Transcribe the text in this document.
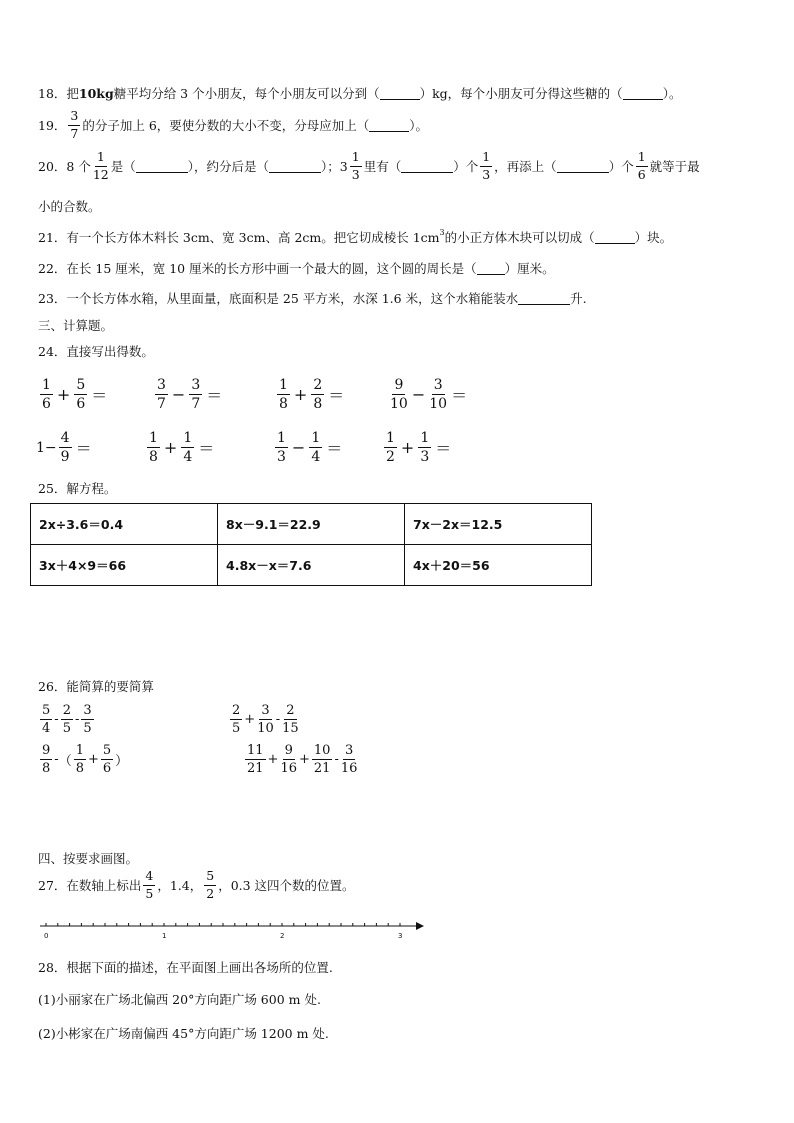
18．把 10kg 糖平均分给 3 个小朋友，每个小朋友可以分到（	）kg，每个小朋友可分得这些糖的（	）。
19． $\frac{3}{7}$ 的分子加上 6，要使分数的大小不变，分母应加上（	）。
20．8 个 $\frac{1}{12}$ 是（	），约分后是（	）；$3 \frac{1}{3}$ 里有（	）个 $\frac{1}{3}$ ，再添上（	）个 $\frac{1}{6}$ 就等于最
小的合数。
21．有一个长方体木料长 3cm、宽 3cm、高 2cm。把它切成棱长 $1cm^3$ 的小正方体木块可以切成（	）块。
22．在长 15 厘米，宽 10 厘米的长方形中画一个最大的圆，这个圆的周长是（ ）厘米。
23．一个长方体水箱，从里面量，底面积是 25 平方米，水深 1.6 米，这个水箱能装水	升.
三、计算题。
24．直接写出得数。
$\frac{1}{6} + \frac{5}{6}$ ＝	$\frac{3}{7} - \frac{3}{7}$ ＝	$\frac{1}{8} + \frac{2}{8}$ ＝	$\frac{9}{10} - \frac{3}{10}$ ＝
$1- \frac{4}{9}$ ＝	$\frac{1}{8} + \frac{1}{4}$ ＝	$\frac{1}{3} - \frac{1}{4}$ ＝	$\frac{1}{2} + \frac{1}{3}$ ＝
25．解方程。
2x÷3.6＝0.4	8x－9.1＝22.9	7x－2x＝12.5
3x＋4×9＝66	4.8x－x＝7.6	4x＋20＝56
26．能简算的要简算
$\frac{5}{4} - \frac{2}{5} - \frac{3}{5}$	$\frac{2}{5} + \frac{3}{10} - \frac{2}{15}$
$\frac{9}{8}$ - （ $\frac{1}{8} + \frac{5}{6}$ ）	$\frac{11}{21} + \frac{9}{16} + \frac{10}{21} - \frac{3}{16}$
四、按要求画图。
27．在数轴上标出 $\frac{4}{5}$ ，1.4， $\frac{5}{2}$ ，0.3 这四个数的位置。
0	1	2	3
28．根据下面的描述，在平面图上画出各场所的位置.
(1)小丽家在广场北偏西 20°方向距广场 600 m 处.
(2)小彬家在广场南偏西 45°方向距广场 1200 m 处.
